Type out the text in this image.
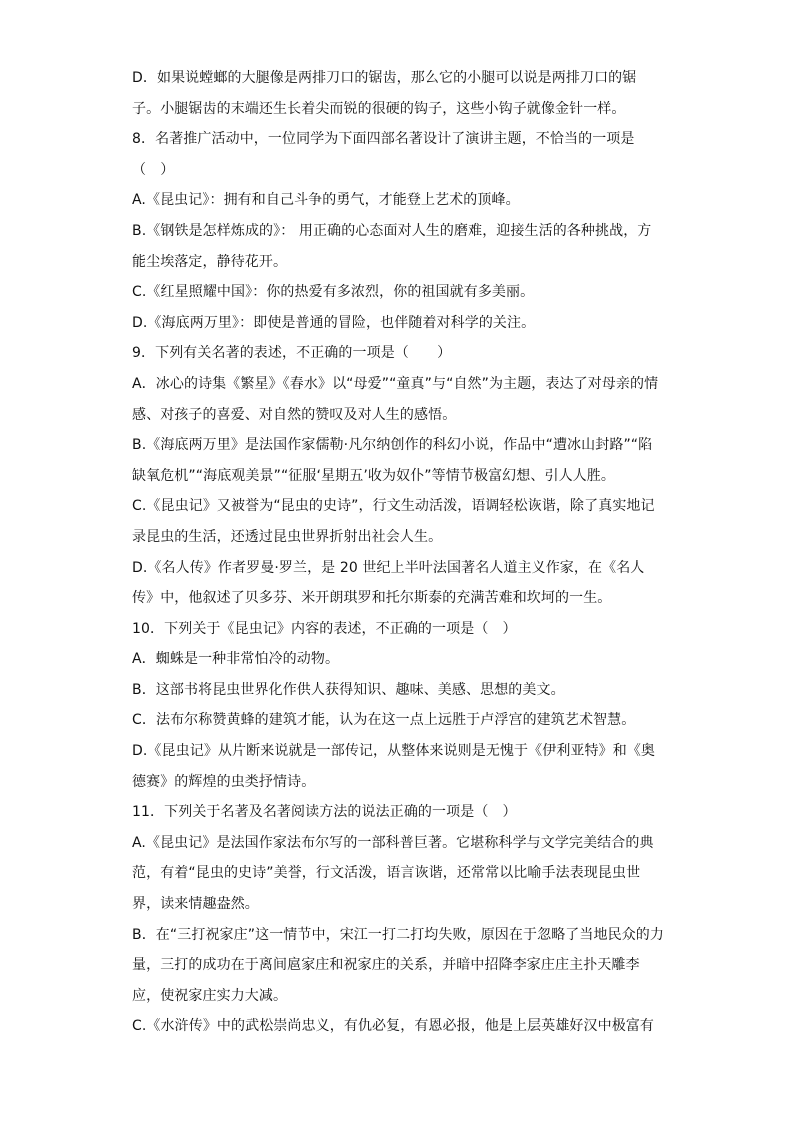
D．如果说螳螂的大腿像是两排刀口的锯齿，那么它的小腿可以说是两排刀口的锯
子。小腿锯齿的末端还生长着尖而锐的很硬的钩子，这些小钩子就像金针一样。
8．名著推广活动中，一位同学为下面四部名著设计了演讲主题，不恰当的一项是
（　）
A.《昆虫记》：拥有和自己斗争的勇气，才能登上艺术的顶峰。
B.《钢铁是怎样炼成的》： 用正确的心态面对人生的磨难，迎接生活的各种挑战，方
能尘埃落定，静待花开。
C.《红星照耀中国》：你的热爱有多浓烈，你的祖国就有多美丽。
D.《海底两万里》：即使是普通的冒险，也伴随着对科学的关注。
9．下列有关名著的表述，不正确的一项是（　　）
A．冰心的诗集《繁星》《春水》以“母爱”“童真”与“自然”为主题，表达了对母亲的情
感、对孩子的喜爱、对自然的赞叹及对人生的感悟。
B.《海底两万里》是法国作家儒勒·凡尔纳创作的科幻小说，作品中“遭冰山封路”“陷
缺氧危机”“海底观美景”“征服‘星期五’收为奴仆”等情节极富幻想、引人人胜。
C.《昆虫记》又被誉为“昆虫的史诗”，行文生动活泼，语调轻松诙谐，除了真实地记
录昆虫的生活，还透过昆虫世界折射出社会人生。
D.《名人传》作者罗曼·罗兰，是 20 世纪上半叶法国著名人道主义作家，在《名人
传》中，他叙述了贝多芬、米开朗琪罗和托尔斯泰的充满苦难和坎坷的一生。
10．下列关于《昆虫记》内容的表述，不正确的一项是（　）
A．蜘蛛是一种非常怕冷的动物。
B．这部书将昆虫世界化作供人获得知识、趣味、美感、思想的美文。
C．法布尔称赞黄蜂的建筑才能，认为在这一点上远胜于卢浮宫的建筑艺术智慧。
D.《昆虫记》从片断来说就是一部传记，从整体来说则是无愧于《伊利亚特》和《奥
德赛》的辉煌的虫类抒情诗。
11．下列关于名著及名著阅读方法的说法正确的一项是（　）
A.《昆虫记》是法国作家法布尔写的一部科普巨著。它堪称科学与文学完美结合的典
范，有着“昆虫的史诗”美誉，行文活泼，语言诙谐，还常常以比喻手法表现昆虫世
界，读来情趣盎然。
B．在“三打祝家庄”这一情节中，宋江一打二打均失败，原因在于忽略了当地民众的力
量，三打的成功在于离间扈家庄和祝家庄的关系，并暗中招降李家庄庄主扑天雕李
应，使祝家庄实力大减。
C.《水浒传》中的武松崇尚忠义，有仇必复，有恩必报，他是上层英雄好汉中极富有
